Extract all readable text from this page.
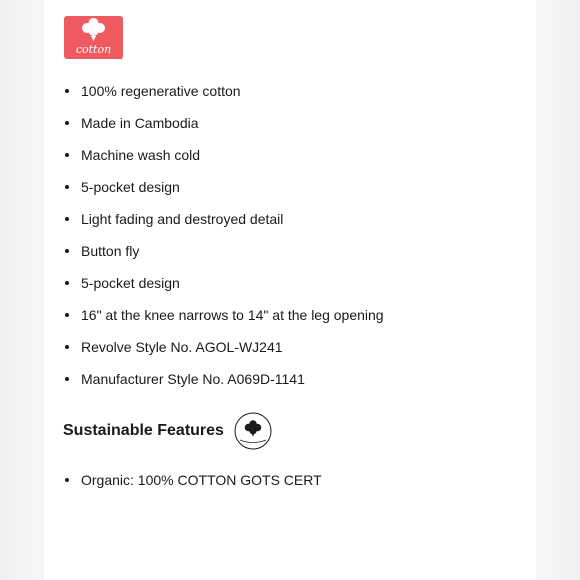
cotton
®
100% regenerative cotton
Made in Cambodia
Machine wash cold
5-pocket design
Light fading and destroyed detail
Button fly
5-pocket design
16" at the knee narrows to 14" at the leg opening
Revolve Style No. AGOL-WJ241
Manufacturer Style No. A069D-1141
Sustainable Features
Organic: 100% COTTON GOTS CERT
